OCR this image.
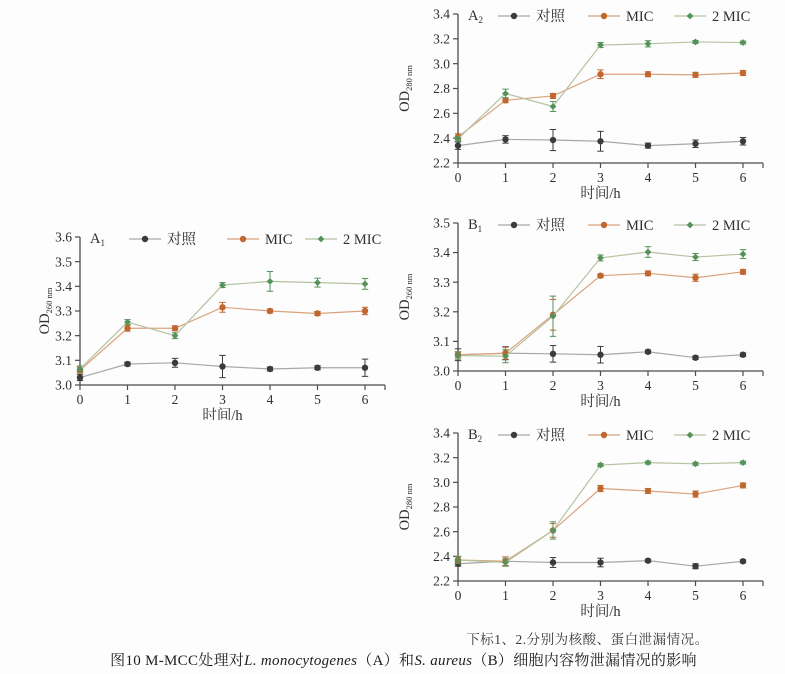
3.0
3.1
3.2
3.3
3.4
3.5
3.6
0	1	2	3	4	5	6
时间/h
$OD_{260 nm}$
$A_1$	对照	MIC	2 MIC
2.2
2.4
2.6
2.8
3.0
3.2
3.4
0	1	2	3	4	5	6
时间/h
$OD_{280 nm}$
$A_2$	对照	MIC	2 MIC
3.0
3.1
3.2
3.3
3.4
3.5
0	1	2	3	4	5	6
时间/h
$OD_{260 nm}$
$B_1$	对照	MIC	2 MIC
2.2
2.4
2.6
2.8
3.0
3.2
3.4
0	1	2	3	4	5	6
时间/h
$OD_{280 nm}$
$B_2$	对照	MIC	2 MIC
下标1、2.分别为核酸、蛋白泄漏情况。
图10 M-MCC处理对L. monocytogenes（A）和S. aureus（B）细胞内容物泄漏情况的影响
